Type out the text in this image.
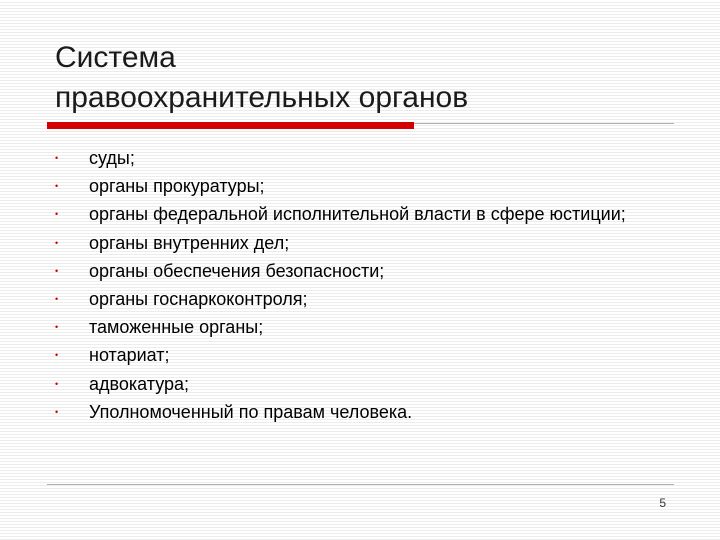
Система
правоохранительных органов
•	суды;
•	органы прокуратуры;
•	органы федеральной исполнительной власти в сфере юстиции;
•	органы внутренних дел;
•	органы обеспечения безопасности;
•	органы госнаркоконтроля;
•	таможенные органы;
•	нотариат;
•	адвокатура;
•	Уполномоченный по правам человека.
5
